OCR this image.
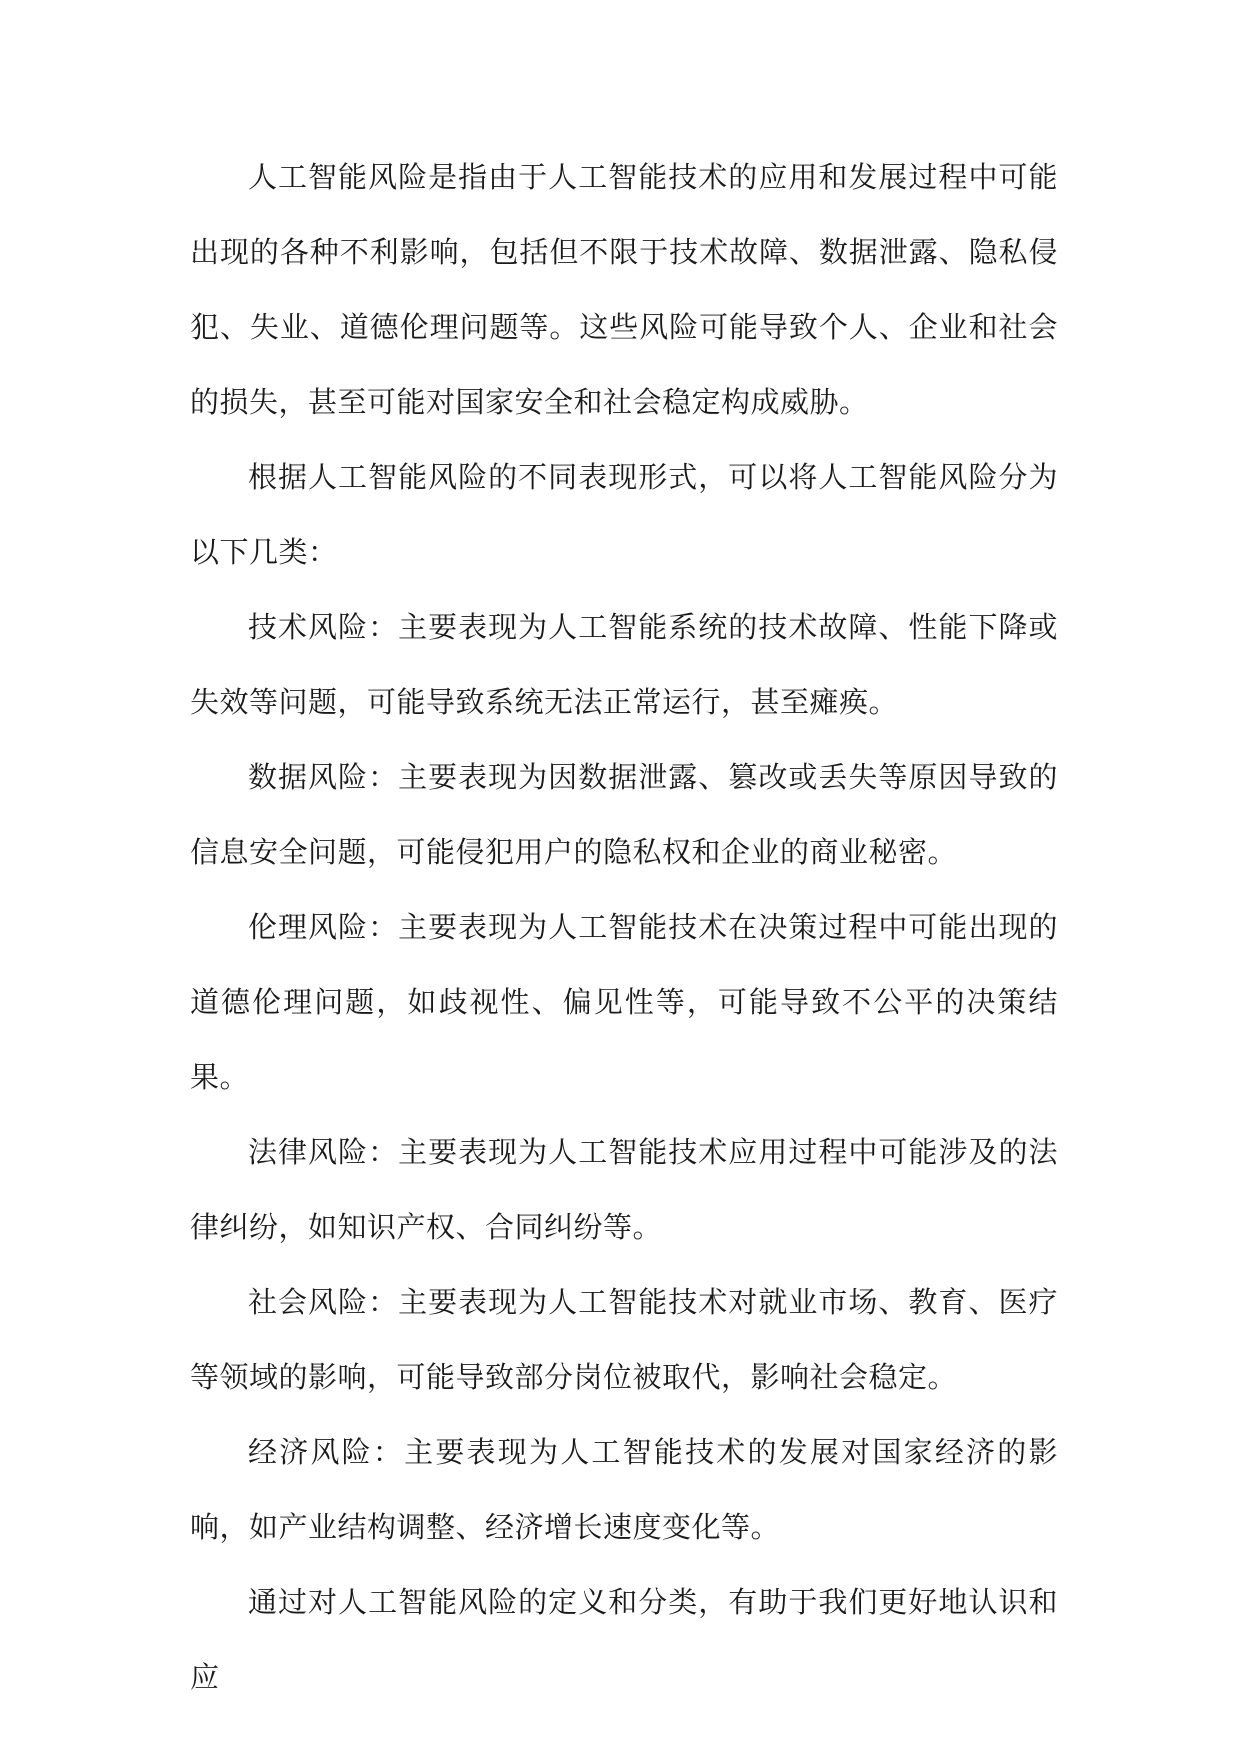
人工智能风险是指由于人工智能技术的应用和发展过程中可能出现的各种不利影响，包括但不限于技术故障、数据泄露、隐私侵犯、失业、道德伦理问题等。这些风险可能导致个人、企业和社会的损失，甚至可能对国家安全和社会稳定构成威胁。

根据人工智能风险的不同表现形式，可以将人工智能风险分为以下几类：

技术风险：主要表现为人工智能系统的技术故障、性能下降或失效等问题，可能导致系统无法正常运行，甚至瘫痪。

数据风险：主要表现为因数据泄露、篡改或丢失等原因导致的信息安全问题，可能侵犯用户的隐私权和企业的商业秘密。

伦理风险：主要表现为人工智能技术在决策过程中可能出现的道德伦理问题，如歧视性、偏见性等，可能导致不公平的决策结果。

法律风险：主要表现为人工智能技术应用过程中可能涉及的法律纠纷，如知识产权、合同纠纷等。

社会风险：主要表现为人工智能技术对就业市场、教育、医疗等领域的影响，可能导致部分岗位被取代，影响社会稳定。

经济风险：主要表现为人工智能技术的发展对国家经济的影响，如产业结构调整、经济增长速度变化等。

通过对人工智能风险的定义和分类，有助于我们更好地认识和应
